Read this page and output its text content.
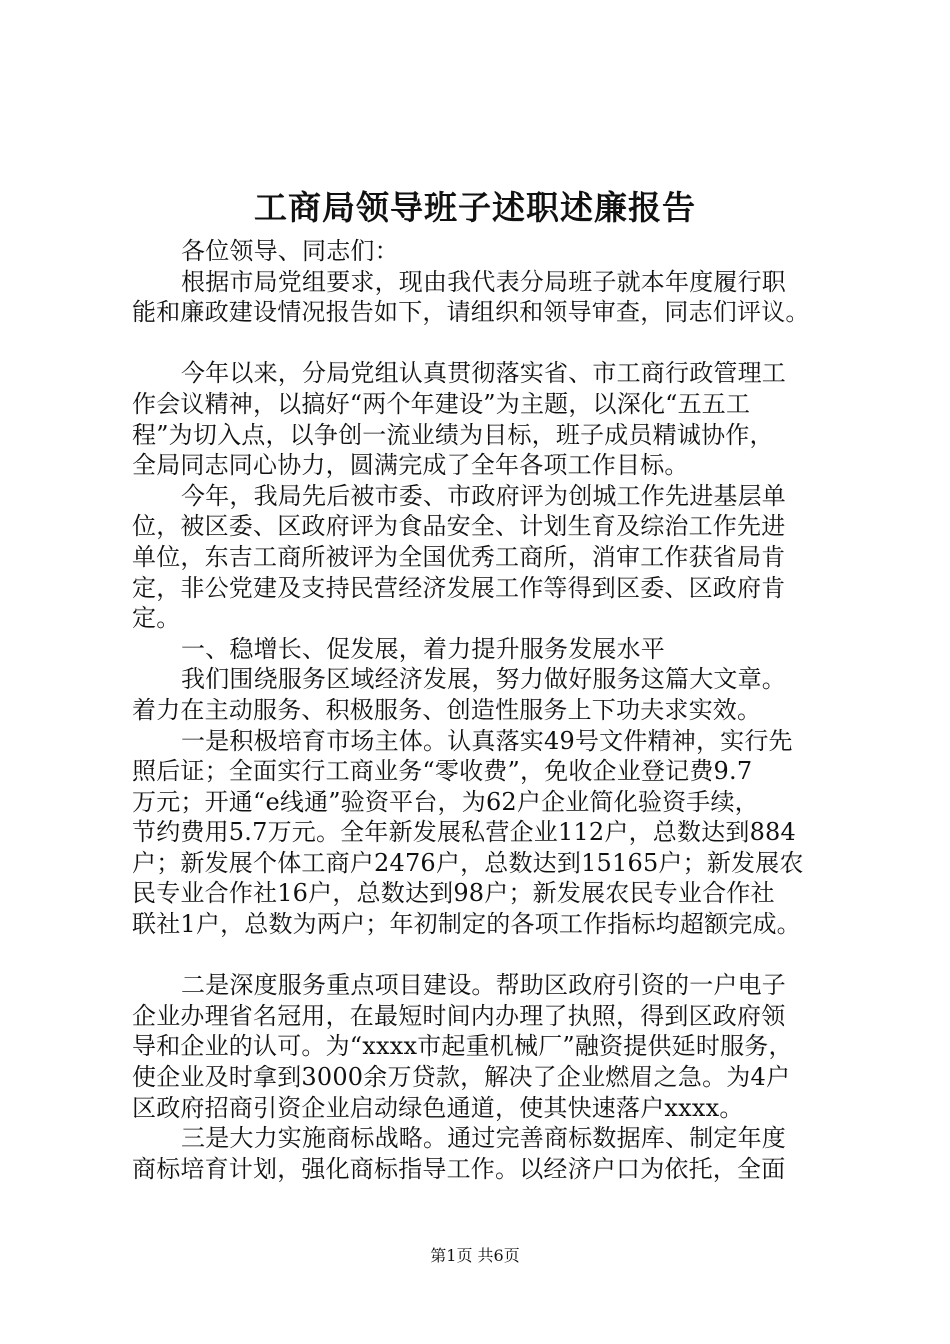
工商局领导班子述职述廉报告
各位领导、同志们：
根据市局党组要求，现由我代表分局班子就本年度履行职
能和廉政建设情况报告如下，请组织和领导审查，同志们评议。
今年以来，分局党组认真贯彻落实省、市工商行政管理工
作会议精神，以搞好“两个年建设”为主题，以深化“五五工
程”为切入点，以争创一流业绩为目标，班子成员精诚协作，
全局同志同心协力，圆满完成了全年各项工作目标。
今年，我局先后被市委、市政府评为创城工作先进基层单
位，被区委、区政府评为食品安全、计划生育及综治工作先进
单位，东吉工商所被评为全国优秀工商所，消审工作获省局肯
定，非公党建及支持民营经济发展工作等得到区委、区政府肯
定。
一、稳增长、促发展，着力提升服务发展水平
我们围绕服务区域经济发展，努力做好服务这篇大文章。
着力在主动服务、积极服务、创造性服务上下功夫求实效。
一是积极培育市场主体。认真落实49号文件精神，实行先
照后证；全面实行工商业务“零收费”，免收企业登记费9.7
万元；开通“e线通”验资平台，为62户企业简化验资手续，
节约费用5.7万元。全年新发展私营企业112户，总数达到884
户；新发展个体工商户2476户，总数达到15165户；新发展农
民专业合作社16户，总数达到98户；新发展农民专业合作社
联社1户，总数为两户；年初制定的各项工作指标均超额完成。
二是深度服务重点项目建设。帮助区政府引资的一户电子
企业办理省名冠用，在最短时间内办理了执照，得到区政府领
导和企业的认可。为“xxxx市起重机械厂”融资提供延时服务，
使企业及时拿到3000余万贷款，解决了企业燃眉之急。为4户
区政府招商引资企业启动绿色通道，使其快速落户xxxx。
三是大力实施商标战略。通过完善商标数据库、制定年度
商标培育计划，强化商标指导工作。以经济户口为依托，全面
第1页 共6页
